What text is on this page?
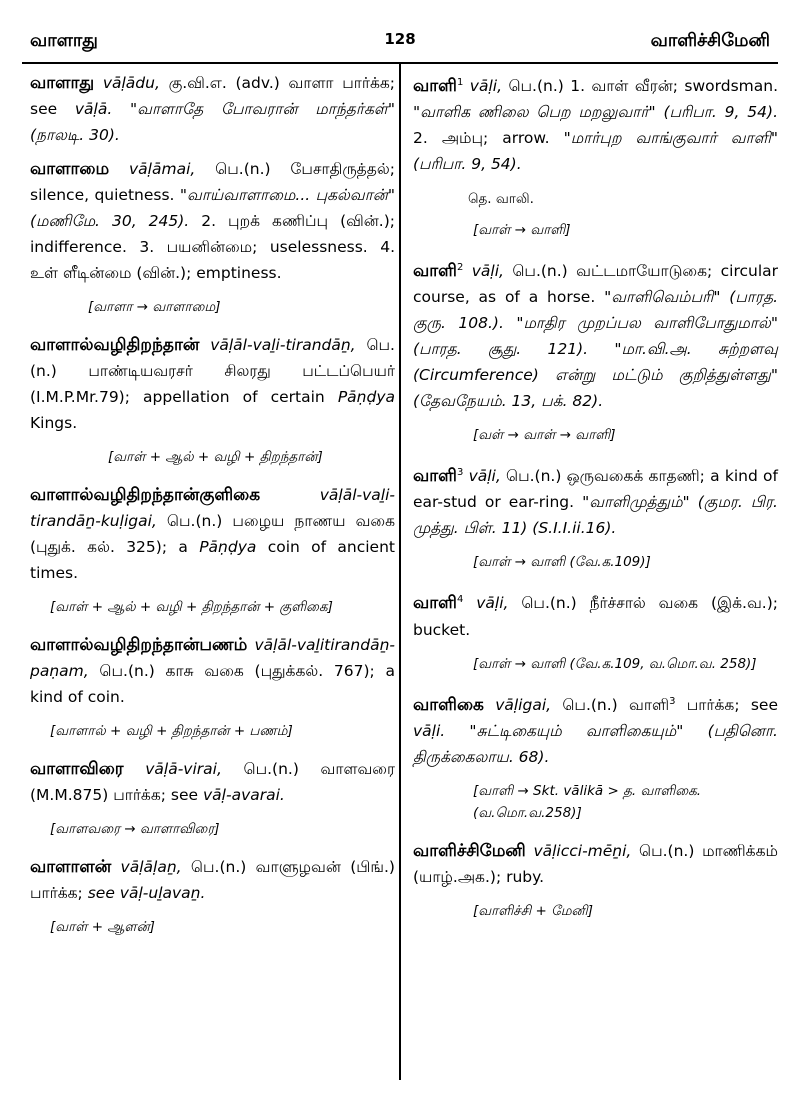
வாளாது	128	வாளிச்சிமேனி
வாளாது vāḷādu, கு.வி.எ. (adv.) வாளா பார்க்க; see vāḷā. "வாளாதே போவரான் மாந்தர்கள்" (நாலடி. 30).
வாளாமை vāḷāmai, பெ.(n.) பேசாதிருத்தல்; silence, quietness. "வாய்வாளாமை... புகல்வான்" (மணிமே. 30, 245). 2. புறக் கணிப்பு (வின்.); indifference. 3. பயனின்மை; uselessness. 4. உள் ளீடின்மை (வின்.); emptiness.
[வாளா → வாளாமை]
வாளால்வழிதிறந்தான் vāḷāl-vaḻi-tirandāṉ, பெ.(n.) பாண்டியவரசர் சிலரது பட்டப்பெயர் (I.M.P.Mr.79); appellation of certain Pāṇḍya Kings.
[வாள் + ஆல் + வழி + திறந்தான்]
வாளால்வழிதிறந்தான்குளிகை	vāḷāl-vaḻi-tirandāṉ-kuḷigai, பெ.(n.) பழைய நாணய வகை (புதுக். கல். 325); a Pāṇḍya coin of ancient times.
[வாள் + ஆல் + வழி + திறந்தான் + குளிகை]
வாளால்வழிதிறந்தான்பணம் vāḷāl-vaḻitirandāṉ-paṇam, பெ.(n.) காசு வகை (புதுக்கல். 767); a kind of coin.
[வாளால் + வழி + திறந்தான் + பணம்]
வாளாவிரை vāḷā-virai, பெ.(n.) வாளவரை (M.M.875) பார்க்க; see vāḷ-avarai.
[வாளவரை → வாளாவிரை]
வாளாளன் vāḷāḷaṉ, பெ.(n.) வாளுழவன் (பிங்.) பார்க்க; see vāḷ-uḻavaṉ.
[வாள் + ஆளன்]
வாளி$^1$ vāḷi, பெ.(n.) 1. வாள் வீரன்; swordsman. "வாளிக ணிலை பெற மறலுவார்" (பரிபா. 9, 54). 2. அம்பு; arrow. "மார்புற வாங்குவார் வாளி" (பரிபா. 9, 54).
தெ. வாலி.
[வாள் → வாளி]
வாளி$^2$ vāḷi, பெ.(n.) வட்டமாயோடுகை; circular course, as of a horse. "வாளிவெம்பரி" (பாரத. குரு. 108.). "மாதிர முறப்பல வாளிபோதுமால்" (பாரத. சூது. 121). "மா.வி.அ. சுற்றளவு (Circumference) என்று மட்டும் குறித்துள்ளது" (தேவநேயம். 13, பக். 82).
[வள் → வாள் → வாளி]
வாளி$^3$ vāḷi, பெ.(n.) ஒருவகைக் காதணி; a kind of ear-stud or ear-ring. "வாளிமுத்தும்" (குமர. பிர. முத்து. பிள். 11) (S.I.I.ii.16).
[வாள் → வாளி (வே.க.109)]
வாளி$^4$ vāḷi, பெ.(n.) நீர்ச்சால் வகை (இக்.வ.); bucket.
[வாள் → வாளி (வே.க.109, வ.மொ.வ. 258)]
வாளிகை vāḷigai, பெ.(n.) வாளி$^3$ பார்க்க; see vāḷi. "சுட்டிகையும் வாளிகையும்" (பதினொ. திருக்கைலாய. 68).
[வாளி → Skt. vālikā > த. வாளிகை. (வ.மொ.வ.258)]
வாளிச்சிமேனி vāḷicci-mēṉi, பெ.(n.) மாணிக்கம் (யாழ்.அக.); ruby.
[வாளிச்சி + மேனி]
